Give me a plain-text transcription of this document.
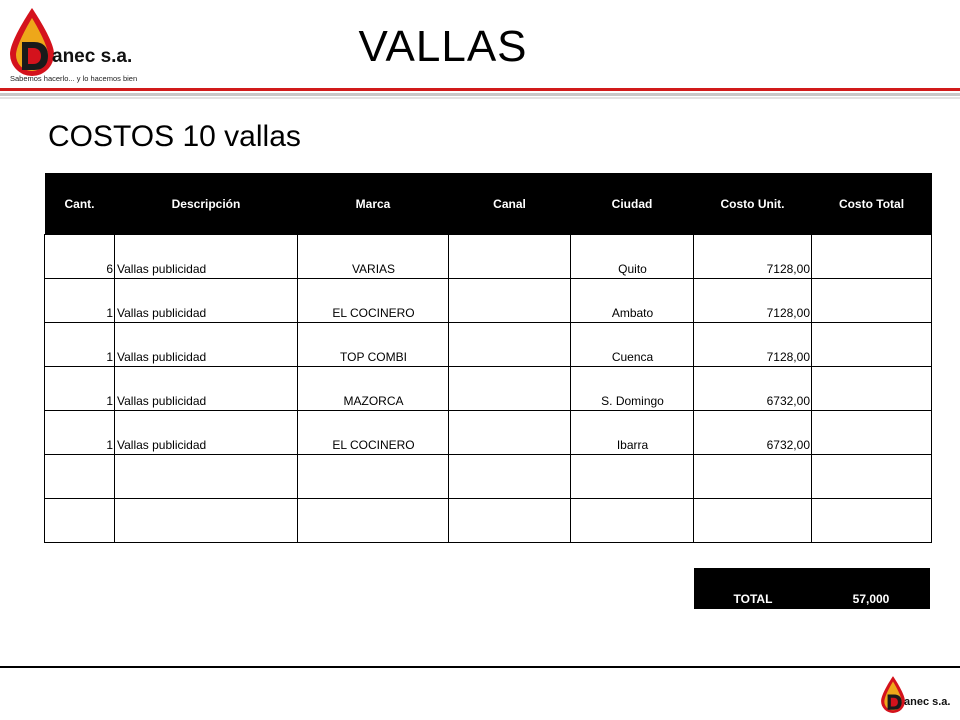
anec s.a.
Sabemos hacerlo... y lo hacemos bien
VALLAS
COSTOS 10 vallas
Cant.	Descripción	Marca	Canal	Ciudad	Costo Unit.	Costo Total
6	Vallas publicidad	VARIAS		Quito	7128,00	
1	Vallas publicidad	EL COCINERO		Ambato	7128,00	
1	Vallas publicidad	TOP COMBI		Cuenca	7128,00	
1	Vallas publicidad	MAZORCA		S. Domingo	6732,00	
1	Vallas publicidad	EL COCINERO		Ibarra	6732,00	

TOTAL	57,000
anec s.a.
